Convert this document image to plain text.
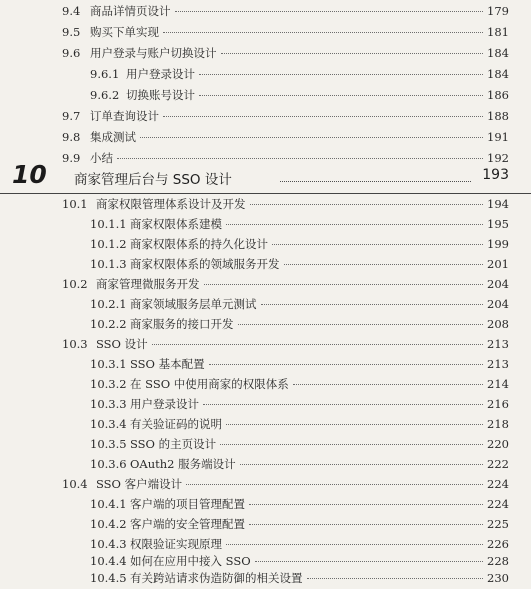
9.4 商品详情页设计	179
9.5 购买下单实现	181
9.6 用户登录与账户切换设计	184
9.6.1 用户登录设计	184
9.6.2 切换账号设计	186
9.7 订单查询设计	188
9.8 集成测试	191
9.9 小结	192
10 商家管理后台与 SSO 设计	193
10.1 商家权限管理体系设计及开发	194
10.1.1 商家权限体系建模	195
10.1.2 商家权限体系的持久化设计	199
10.1.3 商家权限体系的领域服务开发	201
10.2 商家管理微服务开发	204
10.2.1 商家领域服务层单元测试	204
10.2.2 商家服务的接口开发	208
10.3 SSO 设计	213
10.3.1 SSO 基本配置	213
10.3.2 在 SSO 中使用商家的权限体系	214
10.3.3 用户登录设计	216
10.3.4 有关验证码的说明	218
10.3.5 SSO 的主页设计	220
10.3.6 OAuth2 服务端设计	222
10.4 SSO 客户端设计	224
10.4.1 客户端的项目管理配置	224
10.4.2 客户端的安全管理配置	225
10.4.3 权限验证实现原理	226
10.4.4 如何在应用中接入 SSO	228
10.4.5 有关跨站请求伪造防御的相关设置	230
